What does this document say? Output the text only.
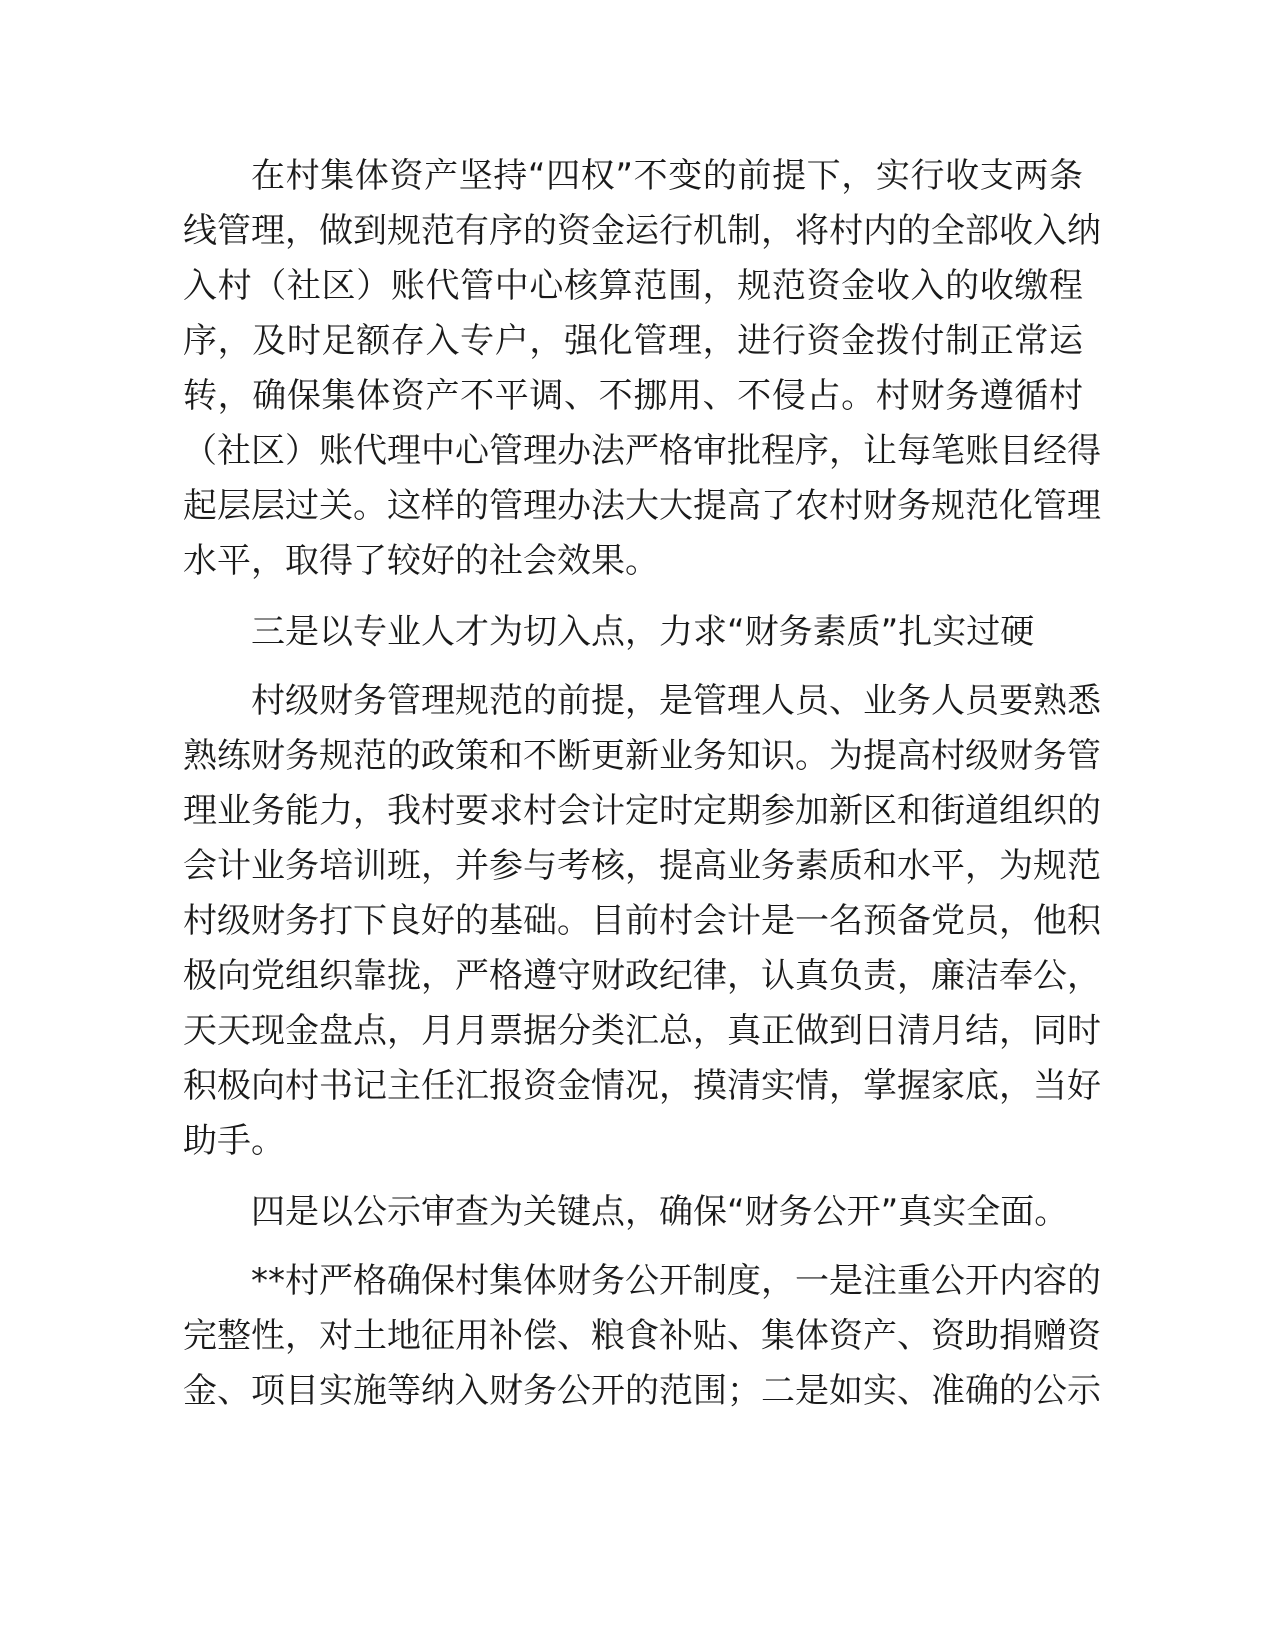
在村集体资产坚持“四权”不变的前提下，实行收支两条
线管理，做到规范有序的资金运行机制，将村内的全部收入纳
入村（社区）账代管中心核算范围，规范资金收入的收缴程
序，及时足额存入专户，强化管理，进行资金拨付制正常运
转，确保集体资产不平调、不挪用、不侵占。村财务遵循村
（社区）账代理中心管理办法严格审批程序，让每笔账目经得
起层层过关。这样的管理办法大大提高了农村财务规范化管理
水平，取得了较好的社会效果。
三是以专业人才为切入点，力求“财务素质”扎实过硬
村级财务管理规范的前提，是管理人员、业务人员要熟悉
熟练财务规范的政策和不断更新业务知识。为提高村级财务管
理业务能力，我村要求村会计定时定期参加新区和街道组织的
会计业务培训班，并参与考核，提高业务素质和水平，为规范
村级财务打下良好的基础。目前村会计是一名预备党员，他积
极向党组织靠拢，严格遵守财政纪律，认真负责，廉洁奉公，
天天现金盘点，月月票据分类汇总，真正做到日清月结，同时
积极向村书记主任汇报资金情况，摸清实情，掌握家底，当好
助手。
四是以公示审查为关键点，确保“财务公开”真实全面。
**村严格确保村集体财务公开制度，一是注重公开内容的
完整性，对土地征用补偿、粮食补贴、集体资产、资助捐赠资
金、项目实施等纳入财务公开的范围；二是如实、准确的公示
